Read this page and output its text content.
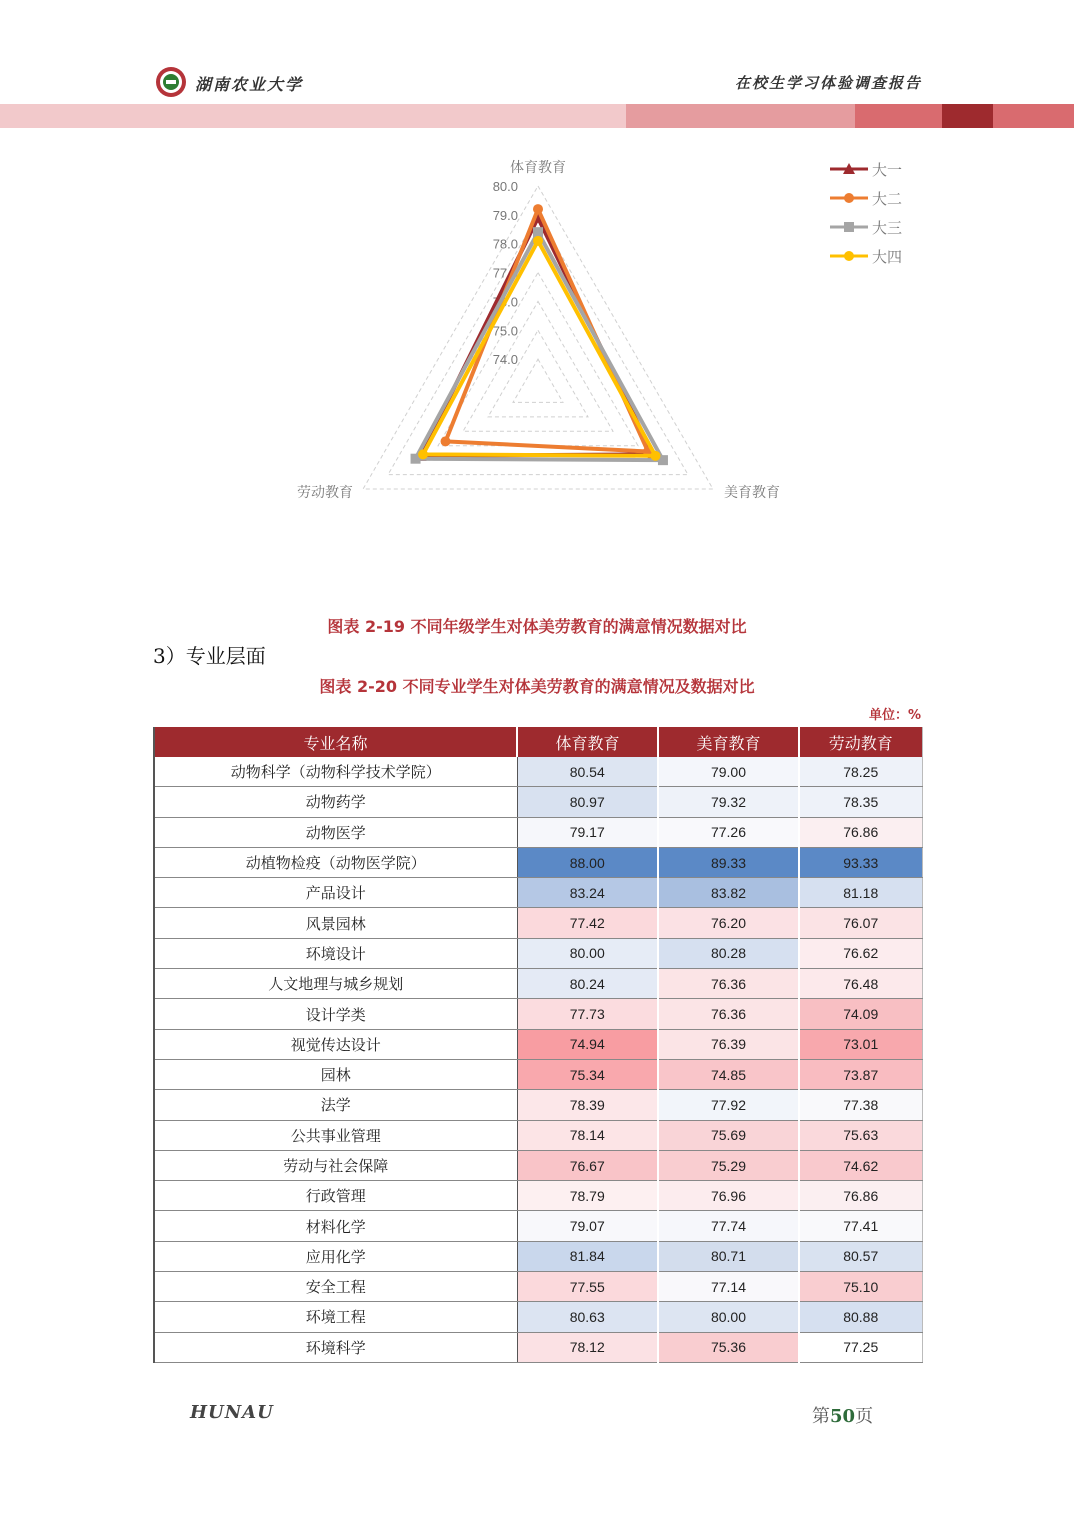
湖南农业大学	在校生学习体验调查报告
74.0
75.0
76.0
77.0
78.0
79.0
80.0
体育教育
美育教育
劳动教育
大一
大二
大三
大四
图表 2-19 不同年级学生对体美劳教育的满意情况数据对比
3）专业层面
图表 2-20 不同专业学生对体美劳教育的满意情况及数据对比
单位：%
专业名称	体育教育	美育教育	劳动教育
动物科学（动物科学技术学院）	80.54	79.00	78.25
动物药学	80.97	79.32	78.35
动物医学	79.17	77.26	76.86
动植物检疫（动物医学院）	88.00	89.33	93.33
产品设计	83.24	83.82	81.18
风景园林	77.42	76.20	76.07
环境设计	80.00	80.28	76.62
人文地理与城乡规划	80.24	76.36	76.48
设计学类	77.73	76.36	74.09
视觉传达设计	74.94	76.39	73.01
园林	75.34	74.85	73.87
法学	78.39	77.92	77.38
公共事业管理	78.14	75.69	75.63
劳动与社会保障	76.67	75.29	74.62
行政管理	78.79	76.96	76.86
材料化学	79.07	77.74	77.41
应用化学	81.84	80.71	80.57
安全工程	77.55	77.14	75.10
环境工程	80.63	80.00	80.88
环境科学	78.12	75.36	77.25
HUNAU	第50页
